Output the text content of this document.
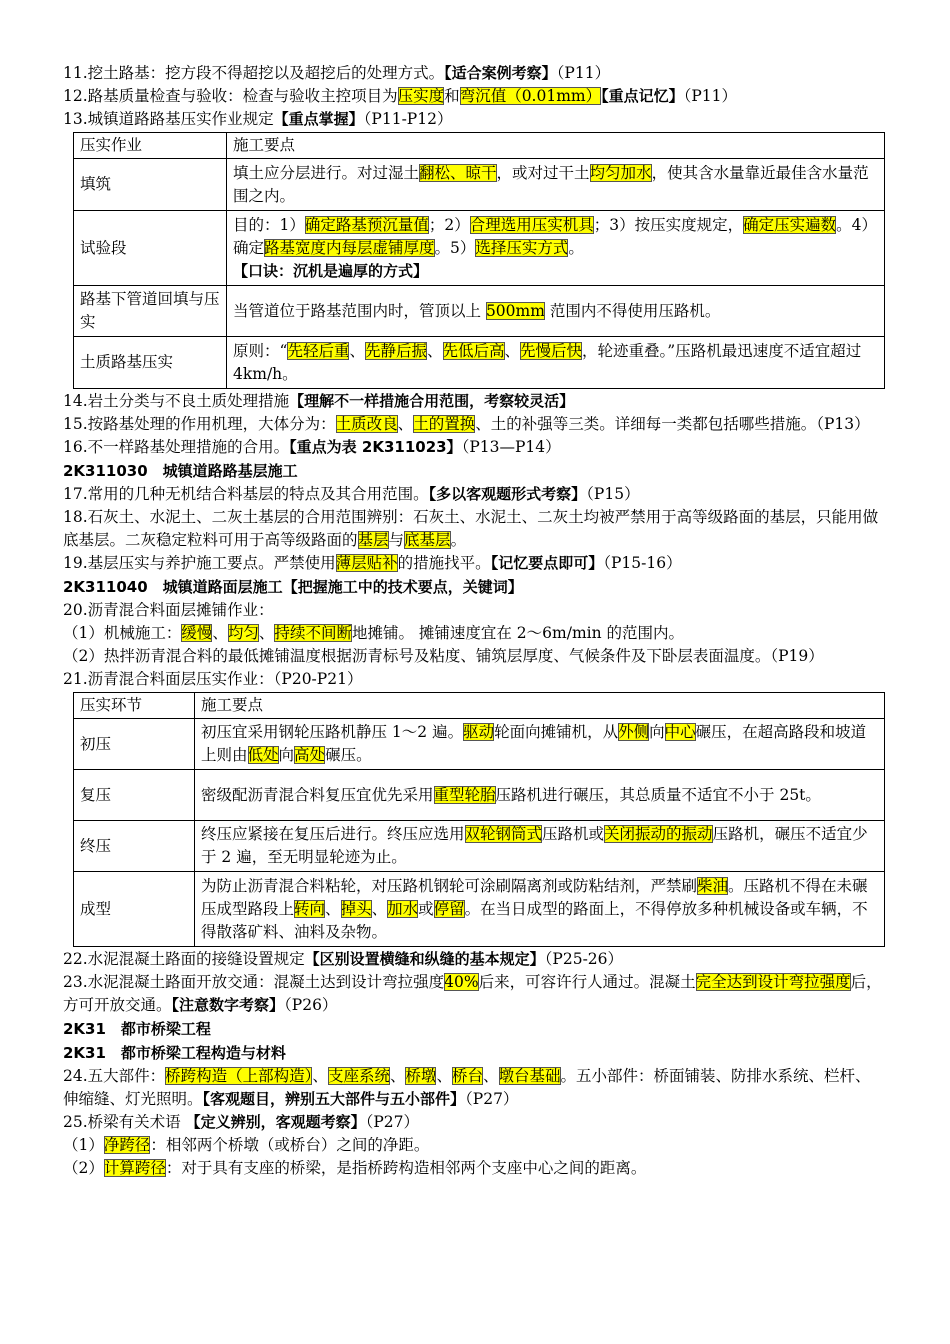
11.挖土路基：挖方段不得超挖以及超挖后的处理方式。【适合案例考察】（P11）
12.路基质量检查与验收：检查与验收主控项目为压实度和弯沉值（0.01mm）【重点记忆】（P11）
13.城镇道路路基压实作业规定【重点掌握】（P11-P12）
压实作业	施工要点
填筑	填土应分层进行。对过湿土翻松、晾干，或对过干土均匀加水，使其含水量靠近最佳含水量范围之内。
试验段	目的：1）确定路基预沉量值；2）合理选用压实机具；3）按压实度规定，确定压实遍数。4）确定路基宽度内每层虚铺厚度。5）选择压实方式。
【口诀：沉机是遍厚的方式】
路基下管道回填与压实	当管道位于路基范围内时，管顶以上 500mm 范围内不得使用压路机。
土质路基压实	原则：“先轻后重、先静后振、先低后高、先慢后快，轮迹重叠。”压路机最迅速度不适宜超过 4km/h。
14.岩土分类与不良土质处理措施【理解不一样措施合用范围，考察较灵活】
15.按路基处理的作用机理，大体分为：土质改良、土的置换、土的补强等三类。详细每一类都包括哪些措施。（P13）
16.不一样路基处理措施的合用。【重点为表 2K311023】（P13—P14）
2K311030　城镇道路路基层施工
17.常用的几种无机结合料基层的特点及其合用范围。【多以客观题形式考察】（P15）
18.石灰土、水泥土、二灰土基层的合用范围辨别：石灰土、水泥土、二灰土均被严禁用于高等级路面的基层，只能用做底基层。二灰稳定粒料可用于高等级路面的基层与底基层。
19.基层压实与养护施工要点。严禁使用薄层贴补的措施找平。【记忆要点即可】（P15-16）
2K311040　城镇道路面层施工【把握施工中的技术要点，关键词】
20.沥青混合料面层摊铺作业：
（1）机械施工：缓慢、均匀、持续不间断地摊铺。 摊铺速度宜在 2～6m/min 的范围内。
（2）热拌沥青混合料的最低摊铺温度根据沥青标号及粘度、铺筑层厚度、气候条件及下卧层表面温度。（P19）
21.沥青混合料面层压实作业：（P20-P21）
压实环节	施工要点
初压	初压宜采用钢轮压路机静压 1～2 遍。驱动轮面向摊铺机，从外侧向中心碾压，在超高路段和坡道上则由低处向高处碾压。
复压	密级配沥青混合料复压宜优先采用重型轮胎压路机进行碾压，其总质量不适宜不小于 25t。
终压	终压应紧接在复压后进行。终压应选用双轮钢筒式压路机或关闭振动的振动压路机，碾压不适宜少于 2 遍，至无明显轮迹为止。
成型	为防止沥青混合料粘轮，对压路机钢轮可涂刷隔离剂或防粘结剂，严禁刷柴油。压路机不得在未碾压成型路段上转向、掉头、加水或停留。在当日成型的路面上，不得停放多种机械设备或车辆，不得散落矿料、油料及杂物。
22.水泥混凝土路面的接缝设置规定【区别设置横缝和纵缝的基本规定】（P25-26）
23.水泥混凝土路面开放交通：混凝土达到设计弯拉强度40%后来，可容许行人通过。混凝土完全达到设计弯拉强度后，方可开放交通。【注意数字考察】（P26）
2K31　都市桥梁工程
2K31　都市桥梁工程构造与材料
24.五大部件：桥跨构造（上部构造）、支座系统、桥墩、桥台、墩台基础。五小部件：桥面铺装、防排水系统、栏杆、伸缩缝、灯光照明。【客观题目，辨别五大部件与五小部件】（P27）
25.桥梁有关术语 【定义辨别，客观题考察】（P27）
（1）净跨径：相邻两个桥墩（或桥台）之间的净距。
（2）计算跨径：对于具有支座的桥梁，是指桥跨构造相邻两个支座中心之间的距离。
